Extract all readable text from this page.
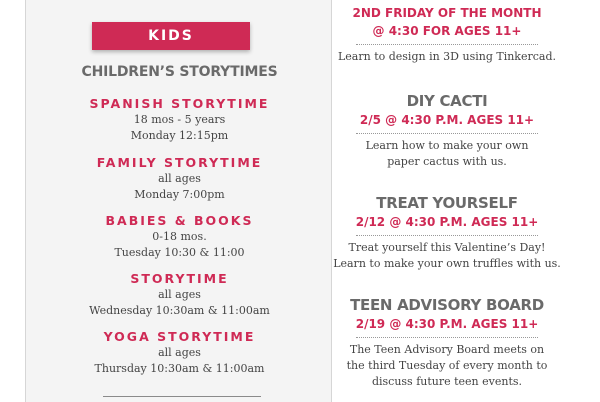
KIDS
CHILDREN’S STORYTIMES
SPANISH STORYTIME
18 mos - 5 years
Monday 12:15pm
FAMILY STORYTIME
all ages
Monday 7:00pm
BABIES & BOOKS
0-18 mos.
Tuesday 10:30 & 11:00
STORYTIME
all ages
Wednesday 10:30am & 11:00am
YOGA STORYTIME
all ages
Thursday 10:30am & 11:00am
2ND FRIDAY OF THE MONTH
@ 4:30 FOR AGES 11+
Learn to design in 3D using Tinkercad.
DIY CACTI
2/5 @ 4:30 P.M. AGES 11+
Learn how to make your own
paper cactus with us.
TREAT YOURSELF
2/12 @ 4:30 P.M. AGES 11+
Treat yourself this Valentine’s Day!
Learn to make your own truffles with us.
TEEN ADVISORY BOARD
2/19 @ 4:30 P.M. AGES 11+
The Teen Advisory Board meets on
the third Tuesday of every month to
discuss future teen events.
